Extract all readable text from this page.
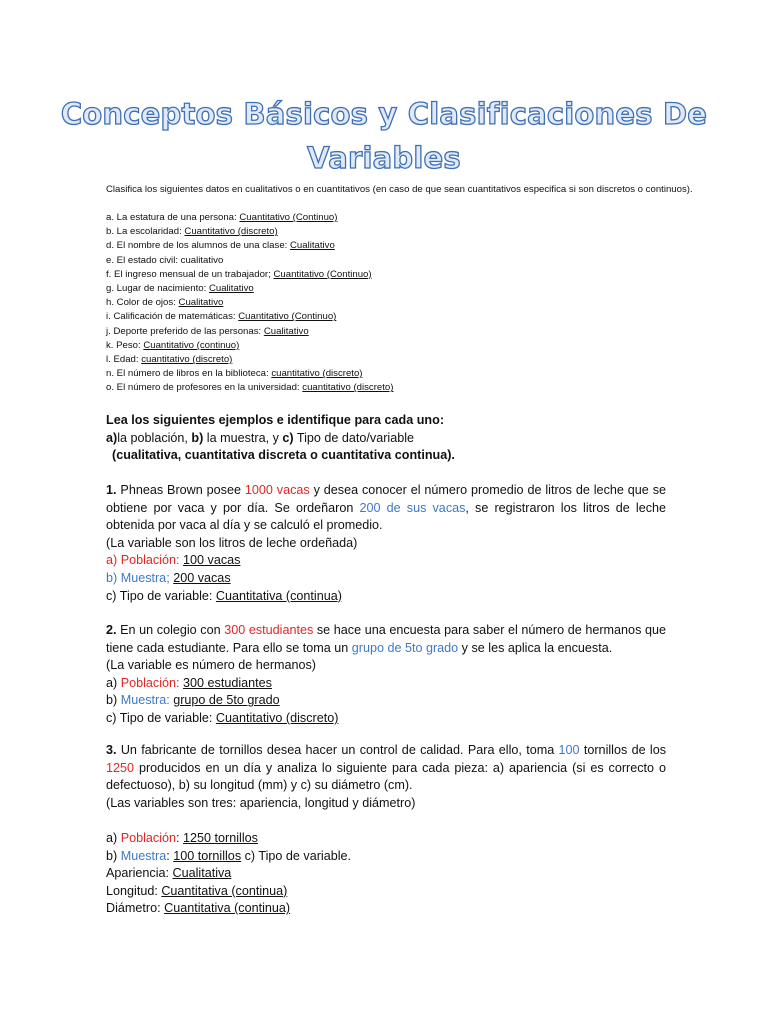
Conceptos Básicos y Clasificaciones De
Variables

Clasifica los siguientes datos en cualitativos o en cuantitativos (en caso de que sean cuantitativos especifica si son discretos o continuos).

a. La estatura de una persona: Cuantitativo (Continuo)
b. La escolaridad: Cuantitativo (discreto)
d. El nombre de los alumnos de una clase: Cualitativo
e. El estado civil: cualitativo
f. El ingreso mensual de un trabajador; Cuantitativo (Continuo)
g. Lugar de nacimiento: Cualitativo
h. Color de ojos: Cualitativo
i. Calificación de matemáticas: Cuantitativo (Continuo)
j. Deporte preferido de las personas: Cualitativo
k. Peso: Cuantitativo (continuo)
l. Edad: cuantitativo (discreto)
n. El número de libros en la biblioteca: cuantitativo (discreto)
o. El número de profesores en la universidad: cuantitativo (discreto)
Lea los siguientes ejemplos e identifique para cada uno:
a)la población, b) la muestra, y c) Tipo de dato/variable
(cualitativa, cuantitativa discreta o cuantitativa continua).
1. Phneas Brown posee 1000 vacas y desea conocer el número promedio de litros de leche que se obtiene por vaca y por día. Se ordeñaron 200 de sus vacas, se registraron los litros de leche obtenida por vaca al día y se calculó el promedio.
(La variable son los litros de leche ordeñada)
a) Población: 100 vacas
b) Muestra; 200 vacas
c) Tipo de variable: Cuantitativa (continua)
2. En un colegio con 300 estudiantes se hace una encuesta para saber el número de hermanos que tiene cada estudiante. Para ello se toma un grupo de 5to grado y se les aplica la encuesta.
(La variable es número de hermanos)
a) Población: 300 estudiantes
b) Muestra: grupo de 5to grado
c) Tipo de variable: Cuantitativo (discreto)
3. Un fabricante de tornillos desea hacer un control de calidad. Para ello, toma 100 tornillos de los 1250 producidos en un día y analiza lo siguiente para cada pieza: a) apariencia (si es correcto o defectuoso), b) su longitud (mm) y c) su diámetro (cm).
(Las variables son tres: apariencia, longitud y diámetro)
a) Población: 1250 tornillos
b) Muestra: 100 tornillos c) Tipo de variable.
Apariencia: Cualitativa
Longitud: Cuantitativa (continua)
Diámetro: Cuantitativa (continua)
